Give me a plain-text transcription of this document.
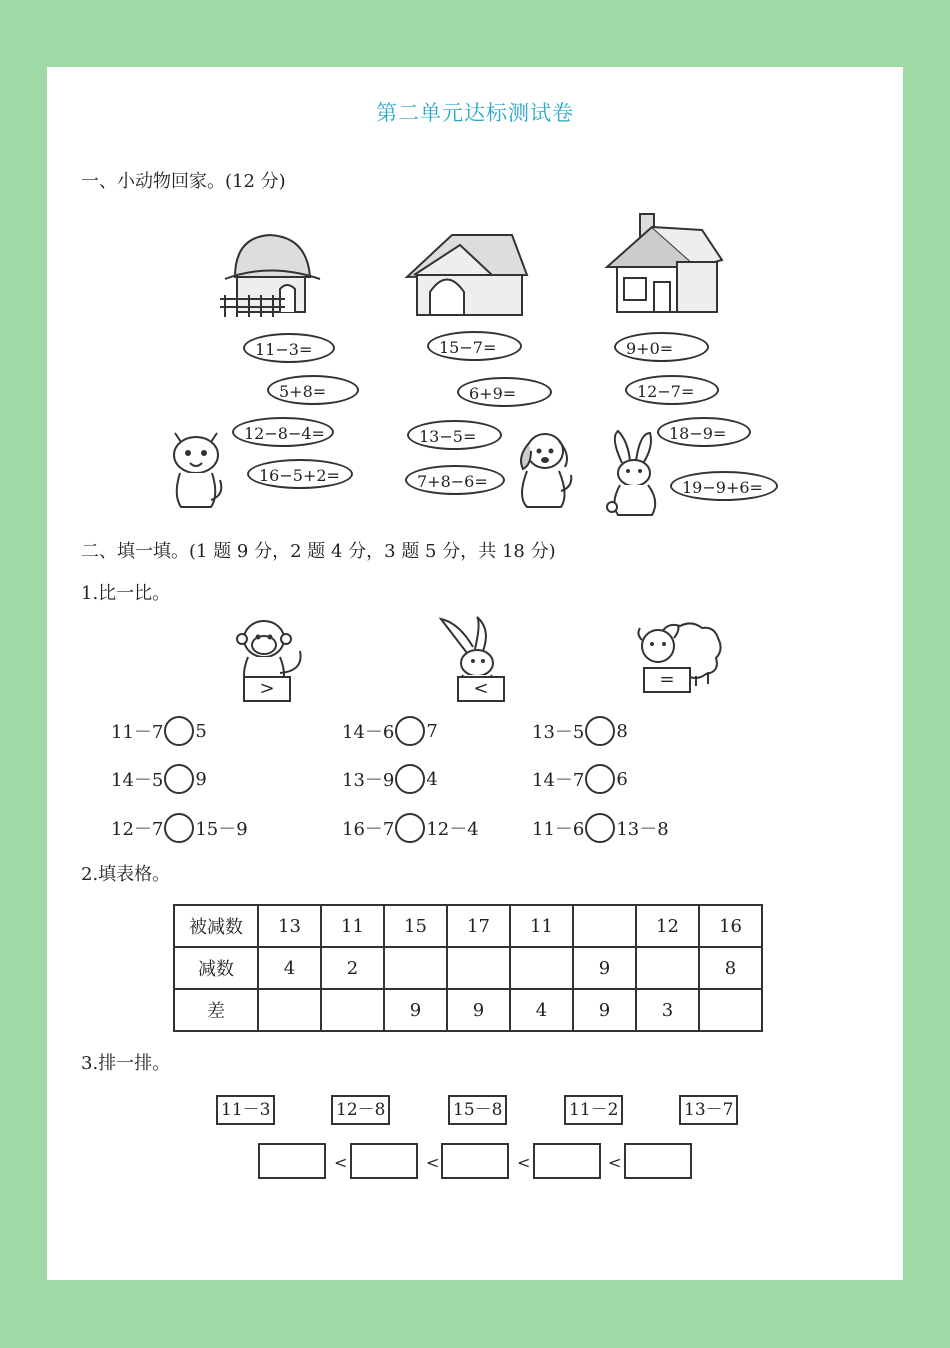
第二单元达标测试卷
一、小动物回家。(12 分)
11−3=
5+8=
12−8−4=
16−5+2=
15−7=
6+9=
13−5=
7+8−6=
9+0=
12−7=
18−9=
19−9+6=
二、填一填。(1 题 9 分，2 题 4 分，3 题 5 分，共 18 分)
1.比一比。
>	<	=
11－7 5	14－6 7	13－5 8
14－5 9	13－9 4	14－7 6
12－7 15－9	16－7 12－4	11－6 13－8
2.填表格。
被减数	13	11	15	17	11		12	16
减数	4	2				9		8
差			9	9	4	9	3	
3.排一排。
11－3	12－8	15－8	11－2	13－7
<	<	<	<
